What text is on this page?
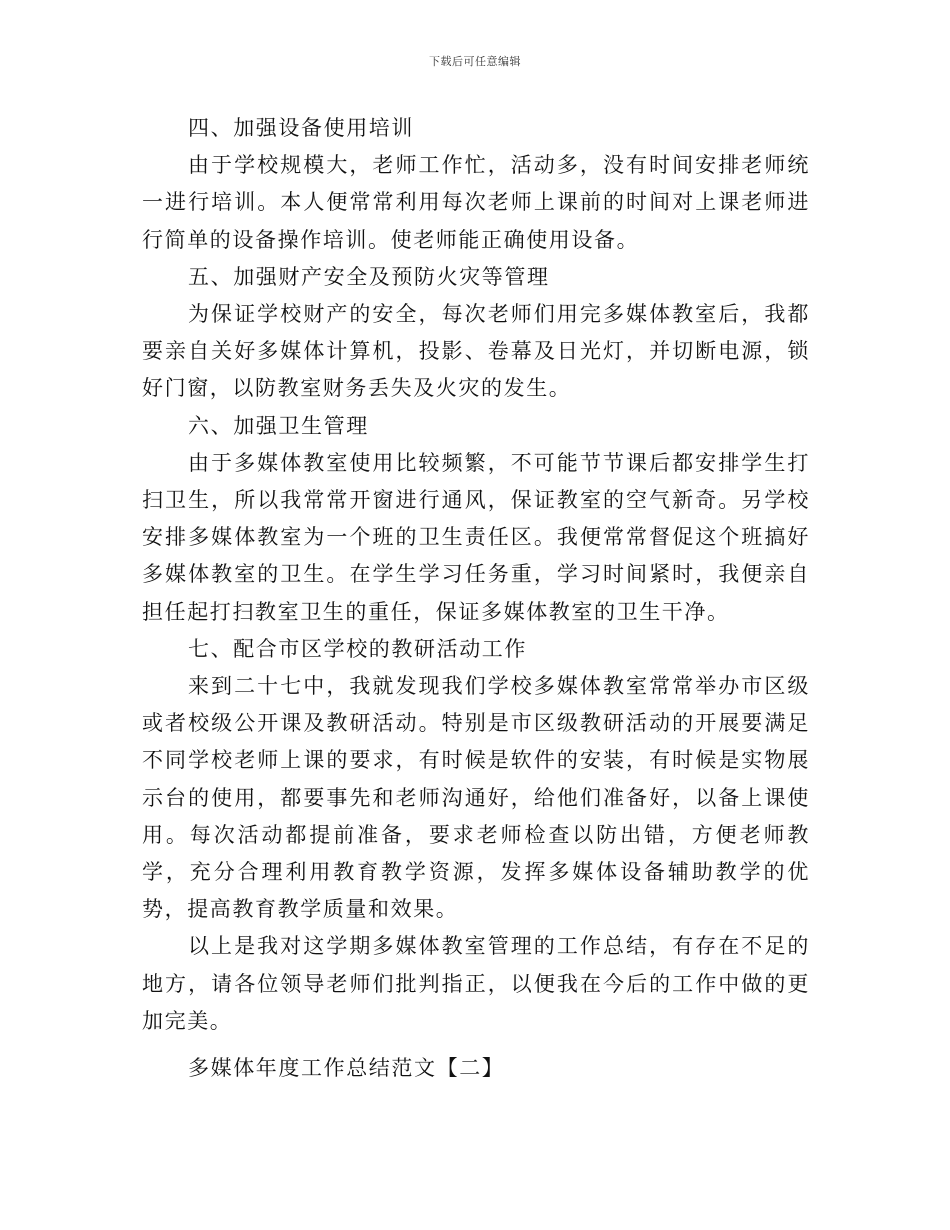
下载后可任意编辑

四、加强设备使用培训

由于学校规模大，老师工作忙，活动多，没有时间安排老师统一进行培训。本人便常常利用每次老师上课前的时间对上课老师进行简单的设备操作培训。使老师能正确使用设备。

五、加强财产安全及预防火灾等管理

为保证学校财产的安全，每次老师们用完多媒体教室后，我都要亲自关好多媒体计算机，投影、卷幕及日光灯，并切断电源，锁好门窗，以防教室财务丢失及火灾的发生。

六、加强卫生管理

由于多媒体教室使用比较频繁，不可能节节课后都安排学生打扫卫生，所以我常常开窗进行通风，保证教室的空气新奇。另学校安排多媒体教室为一个班的卫生责任区。我便常常督促这个班搞好多媒体教室的卫生。在学生学习任务重，学习时间紧时，我便亲自担任起打扫教室卫生的重任，保证多媒体教室的卫生干净。

七、配合市区学校的教研活动工作

来到二十七中，我就发现我们学校多媒体教室常常举办市区级或者校级公开课及教研活动。特别是市区级教研活动的开展要满足不同学校老师上课的要求，有时候是软件的安装，有时候是实物展示台的使用，都要事先和老师沟通好，给他们准备好，以备上课使用。每次活动都提前准备，要求老师检查以防出错，方便老师教学，充分合理利用教育教学资源，发挥多媒体设备辅助教学的优势，提高教育教学质量和效果。

以上是我对这学期多媒体教室管理的工作总结，有存在不足的地方，请各位领导老师们批判指正，以便我在今后的工作中做的更加完美。

多媒体年度工作总结范文【二】
